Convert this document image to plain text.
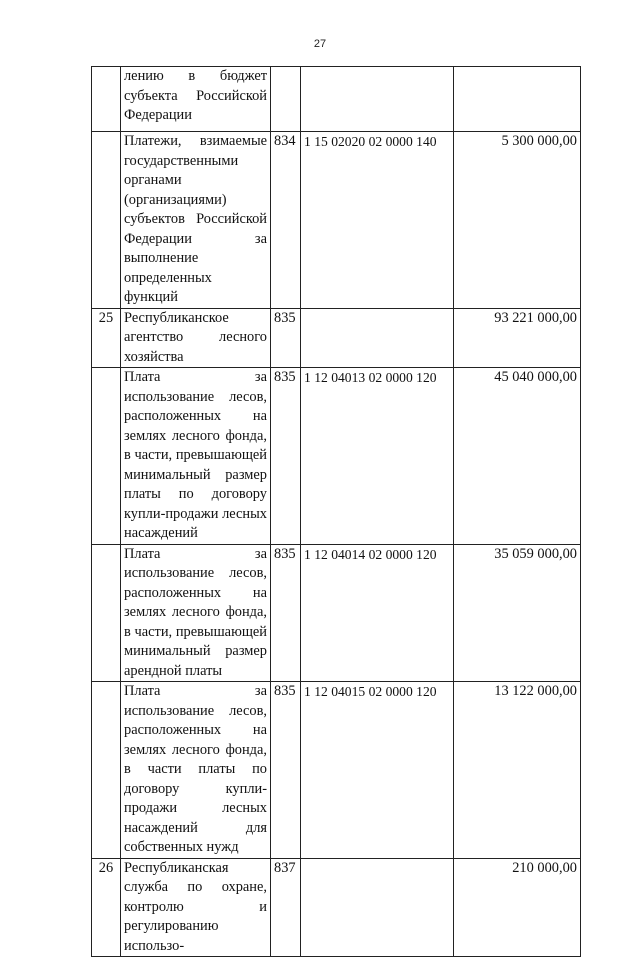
27
	лению в бюджет субъекта Российской Федерации			
	Платежи, взимаемые государственными органами (организациями) субъектов Российской Федерации за выполнение определенных функций	834	1 15 02020 02 0000 140	5 300 000,00
25	Республиканское агентство лесного хозяйства	835		93 221 000,00
	Плата за использование лесов, расположенных на землях лесного фонда, в части, превышающей минимальный размер платы по договору купли-продажи лесных насаждений	835	1 12 04013 02 0000 120	45 040 000,00
	Плата за использование лесов, расположенных на землях лесного фонда, в части, превышающей минимальный размер арендной платы	835	1 12 04014 02 0000 120	35 059 000,00
	Плата за использование лесов, расположенных на землях лесного фонда, в части платы по договору купли-продажи лесных насаждений для собственных нужд	835	1 12 04015 02 0000 120	13 122 000,00
26	Республиканская служба по охране, контролю и регулированию использо-	837		210 000,00
